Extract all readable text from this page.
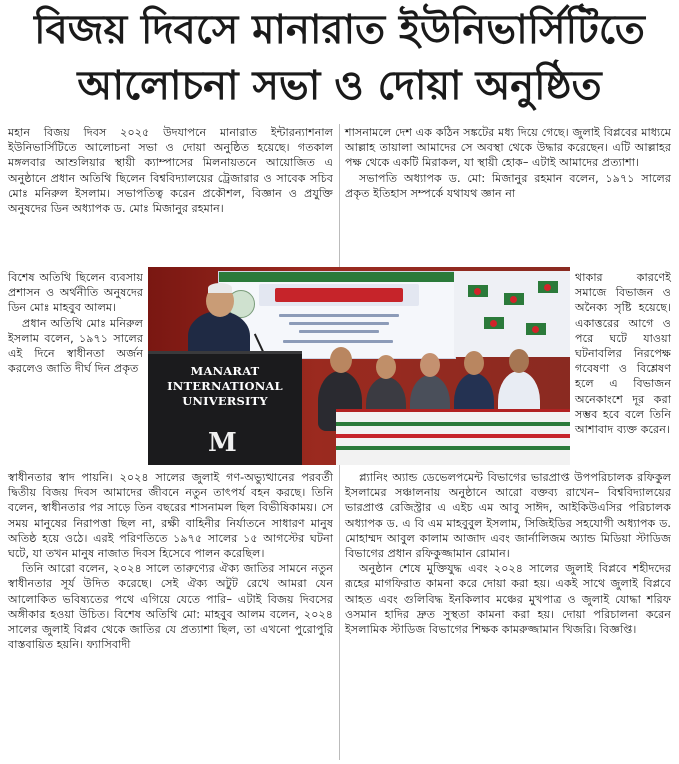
বিজয় দিবসে মানারাত ইউনিভার্সিটিতে
আলোচনা সভা ও দোয়া অনুষ্ঠিত

মহান বিজয় দিবস ২০২৫ উদযাপনে মানারাত ইন্টারন্যাশনাল ইউনিভার্সিটিতে আলোচনা সভা ও দোয়া অনুষ্ঠিত হয়েছে। গতকাল মঙ্গলবার আশুলিয়ার স্থায়ী ক্যাম্পাসের মিলনায়তনে আয়োজিত এ অনুষ্ঠানে প্রধান অতিথি ছিলেন বিশ্ববিদ্যালয়ের ট্রেজারার ও সাবেক সচিব মোঃ মনিরুল ইসলাম। সভাপতিত্ব করেন প্রকৌশল, বিজ্ঞান ও প্রযুক্তি অনুষদের ডিন অধ্যাপক ড. মোঃ মিজানুর রহমান।

বিশেষ অতিথি ছিলেন ব্যবসায় প্রশাসন ও অর্থনীতি অনুষদের ডিন মোঃ মাহবুব আলম।

প্রধান অতিথি মোঃ মনিরুল ইসলাম বলেন, ১৯৭১ সালের এই দিনে স্বাধীনতা অর্জন করলেও জাতি দীর্ঘ দিন প্রকৃত

স্বাধীনতার স্বাদ পায়নি। ২০২৪ সালের জুলাই গণ-অভ্যুত্থানের পরবর্তী দ্বিতীয় বিজয় দিবস আমাদের জীবনে নতুন তাৎপর্য বহন করছে। তিনি বলেন, স্বাধীনতার পর সাড়ে তিন বছরের শাসনামল ছিল বিভীষিকাময়। সে সময় মানুষের নিরাপত্তা ছিল না, রক্ষী বাহিনীর নির্যাতনে সাধারণ মানুষ অতিষ্ঠ হয়ে ওঠে। এরই পরিণতিতে ১৯৭৫ সালের ১৫ আগস্টের ঘটনা ঘটে, যা তখন মানুষ নাজাত দিবস হিসেবে পালন করেছিল।

তিনি আরো বলেন, ২০২৪ সালে তারুণ্যের ঐক্য জাতির সামনে নতুন স্বাধীনতার সূর্য উদিত করেছে। সেই ঐক্য অটুট রেখে আমরা যেন আলোকিত ভবিষ্যতের পথে এগিয়ে যেতে পারি– এটাই বিজয় দিবসের অঙ্গীকার হওয়া উচিত। বিশেষ অতিথি মো: মাহবুব আলম বলেন, ২০২৪ সালের জুলাই বিপ্লব থেকে জাতির যে প্রত্যাশা ছিল, তা এখনো পুরোপুরি বাস্তবায়িত হয়নি। ফ্যাসিবাদী

MANARAT INTERNATIONAL UNIVERSITY
M

শাসনামলে দেশ এক কঠিন সঙ্কটের মধ্য দিয়ে গেছে। জুলাই বিপ্লবের মাধ্যমে আল্লাহ তায়ালা আমাদের সে অবস্থা থেকে উদ্ধার করেছেন। এটি আল্লাহর পক্ষ থেকে একটি মিরাকল, যা স্থায়ী হোক– এটাই আমাদের প্রত্যাশা।

সভাপতি অধ্যাপক ড. মো: মিজানুর রহমান বলেন, ১৯৭১ সালের প্রকৃত ইতিহাস সম্পর্কে যথাযথ জ্ঞান না

থাকার কারণেই সমাজে বিভাজন ও অনৈক্য সৃষ্টি হয়েছে। একাত্তরের আগে ও পরে ঘটে যাওয়া ঘটনাবলির নিরপেক্ষ গবেষণা ও বিশ্লেষণ হলে এ বিভাজন অনেকাংশে দূর করা সম্ভব হবে বলে তিনি আশাবাদ ব্যক্ত করেন।

প্ল্যানিং অ্যান্ড ডেভেলপমেন্ট বিভাগের ভারপ্রাপ্ত উপপরিচালক রফিকুল ইসলামের সঞ্চালনায় অনুষ্ঠানে আরো বক্তব্য রাখেন– বিশ্ববিদ্যালয়ের ভারপ্রাপ্ত রেজিস্ট্রার এ এইচ এম আবু সাঈদ, আইকিউএসির পরিচালক অধ্যাপক ড. এ বি এম মাহবুবুল ইসলাম, সিজিইডির সহযোগী অধ্যাপক ড. মোহাম্মদ আবুল কালাম আজাদ এবং জার্নালিজম অ্যান্ড মিডিয়া স্টাডিজ বিভাগের প্রধান রফিকুজ্জামান রোমান।

অনুষ্ঠান শেষে মুক্তিযুদ্ধ এবং ২০২৪ সালের জুলাই বিপ্লবে শহীদদের রূহের মাগফিরাত কামনা করে দোয়া করা হয়। একই সাথে জুলাই বিপ্লবে আহত এবং গুলিবিদ্ধ ইনকিলাব মঞ্চের মুখপাত্র ও জুলাই যোদ্ধা শরিফ ওসমান হাদির দ্রুত সুস্থতা কামনা করা হয়। দোয়া পরিচালনা করেন ইসলামিক স্টাডিজ বিভাগের শিক্ষক কামরুজ্জামান খিজরি। বিজ্ঞপ্তি।
